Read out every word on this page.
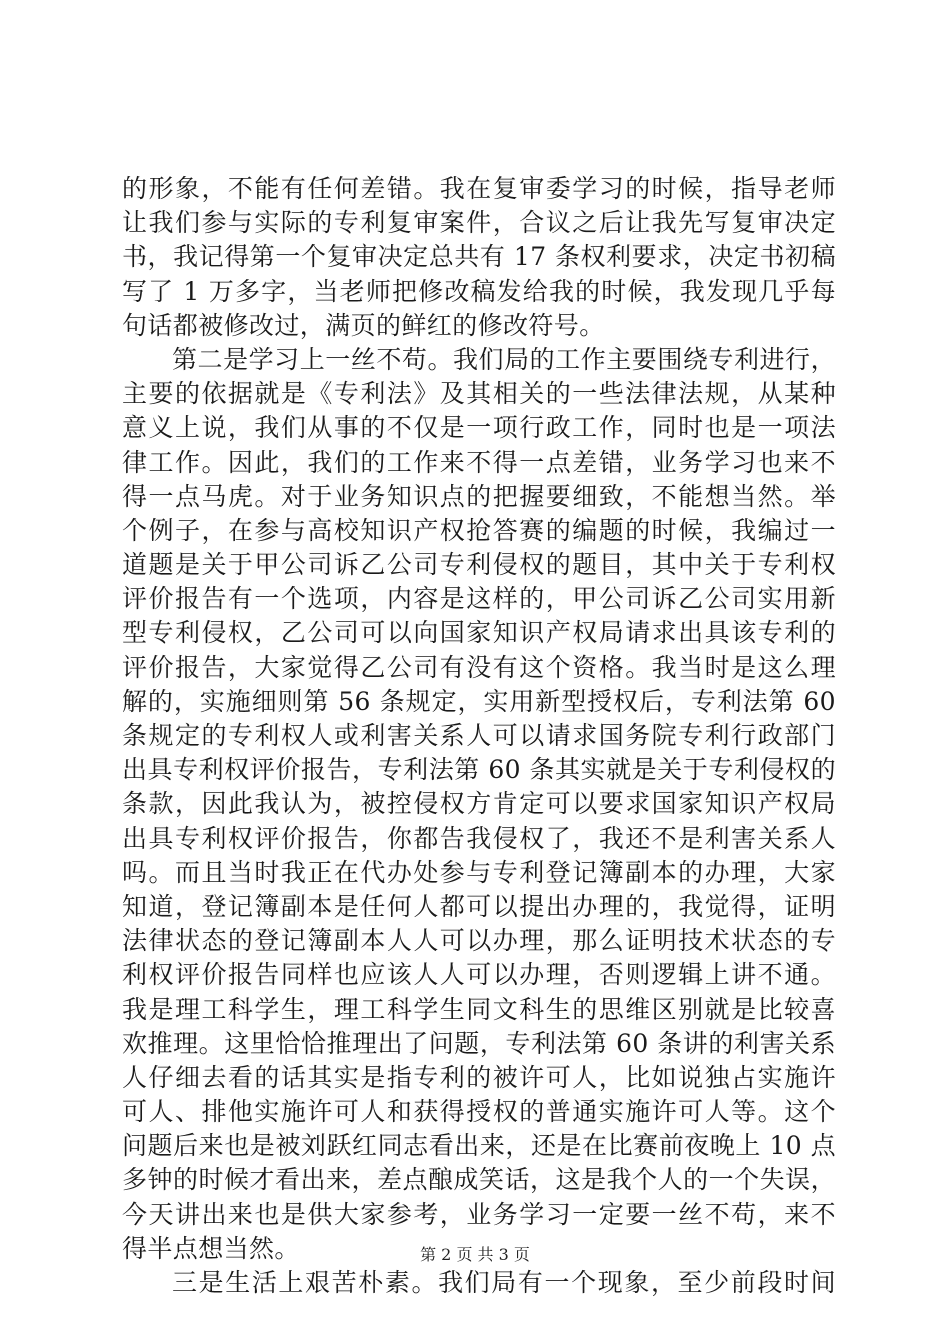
的形象，不能有任何差错。我在复审委学习的时候，指导老师
让我们参与实际的专利复审案件，合议之后让我先写复审决定
书，我记得第一个复审决定总共有 17 条权利要求，决定书初稿
写了 1 万多字，当老师把修改稿发给我的时候，我发现几乎每
句话都被修改过，满页的鲜红的修改符号。
第二是学习上一丝不苟。我们局的工作主要围绕专利进行，
主要的依据就是《专利法》及其相关的一些法律法规，从某种
意义上说，我们从事的不仅是一项行政工作，同时也是一项法
律工作。因此，我们的工作来不得一点差错，业务学习也来不
得一点马虎。对于业务知识点的把握要细致，不能想当然。举
个例子，在参与高校知识产权抢答赛的编题的时候，我编过一
道题是关于甲公司诉乙公司专利侵权的题目，其中关于专利权
评价报告有一个选项，内容是这样的，甲公司诉乙公司实用新
型专利侵权，乙公司可以向国家知识产权局请求出具该专利的
评价报告，大家觉得乙公司有没有这个资格。我当时是这么理
解的，实施细则第 56 条规定，实用新型授权后，专利法第 60
条规定的专利权人或利害关系人可以请求国务院专利行政部门
出具专利权评价报告，专利法第 60 条其实就是关于专利侵权的
条款，因此我认为，被控侵权方肯定可以要求国家知识产权局
出具专利权评价报告，你都告我侵权了，我还不是利害关系人
吗。而且当时我正在代办处参与专利登记簿副本的办理，大家
知道，登记簿副本是任何人都可以提出办理的，我觉得，证明
法律状态的登记簿副本人人可以办理，那么证明技术状态的专
利权评价报告同样也应该人人可以办理，否则逻辑上讲不通。
我是理工科学生，理工科学生同文科生的思维区别就是比较喜
欢推理。这里恰恰推理出了问题，专利法第 60 条讲的利害关系
人仔细去看的话其实是指专利的被许可人，比如说独占实施许
可人、排他实施许可人和获得授权的普通实施许可人等。这个
问题后来也是被刘跃红同志看出来，还是在比赛前夜晚上 10 点
多钟的时候才看出来，差点酿成笑话，这是我个人的一个失误，
今天讲出来也是供大家参考，业务学习一定要一丝不苟，来不
得半点想当然。
三是生活上艰苦朴素。我们局有一个现象，至少前段时间
第 2 页 共 3 页
